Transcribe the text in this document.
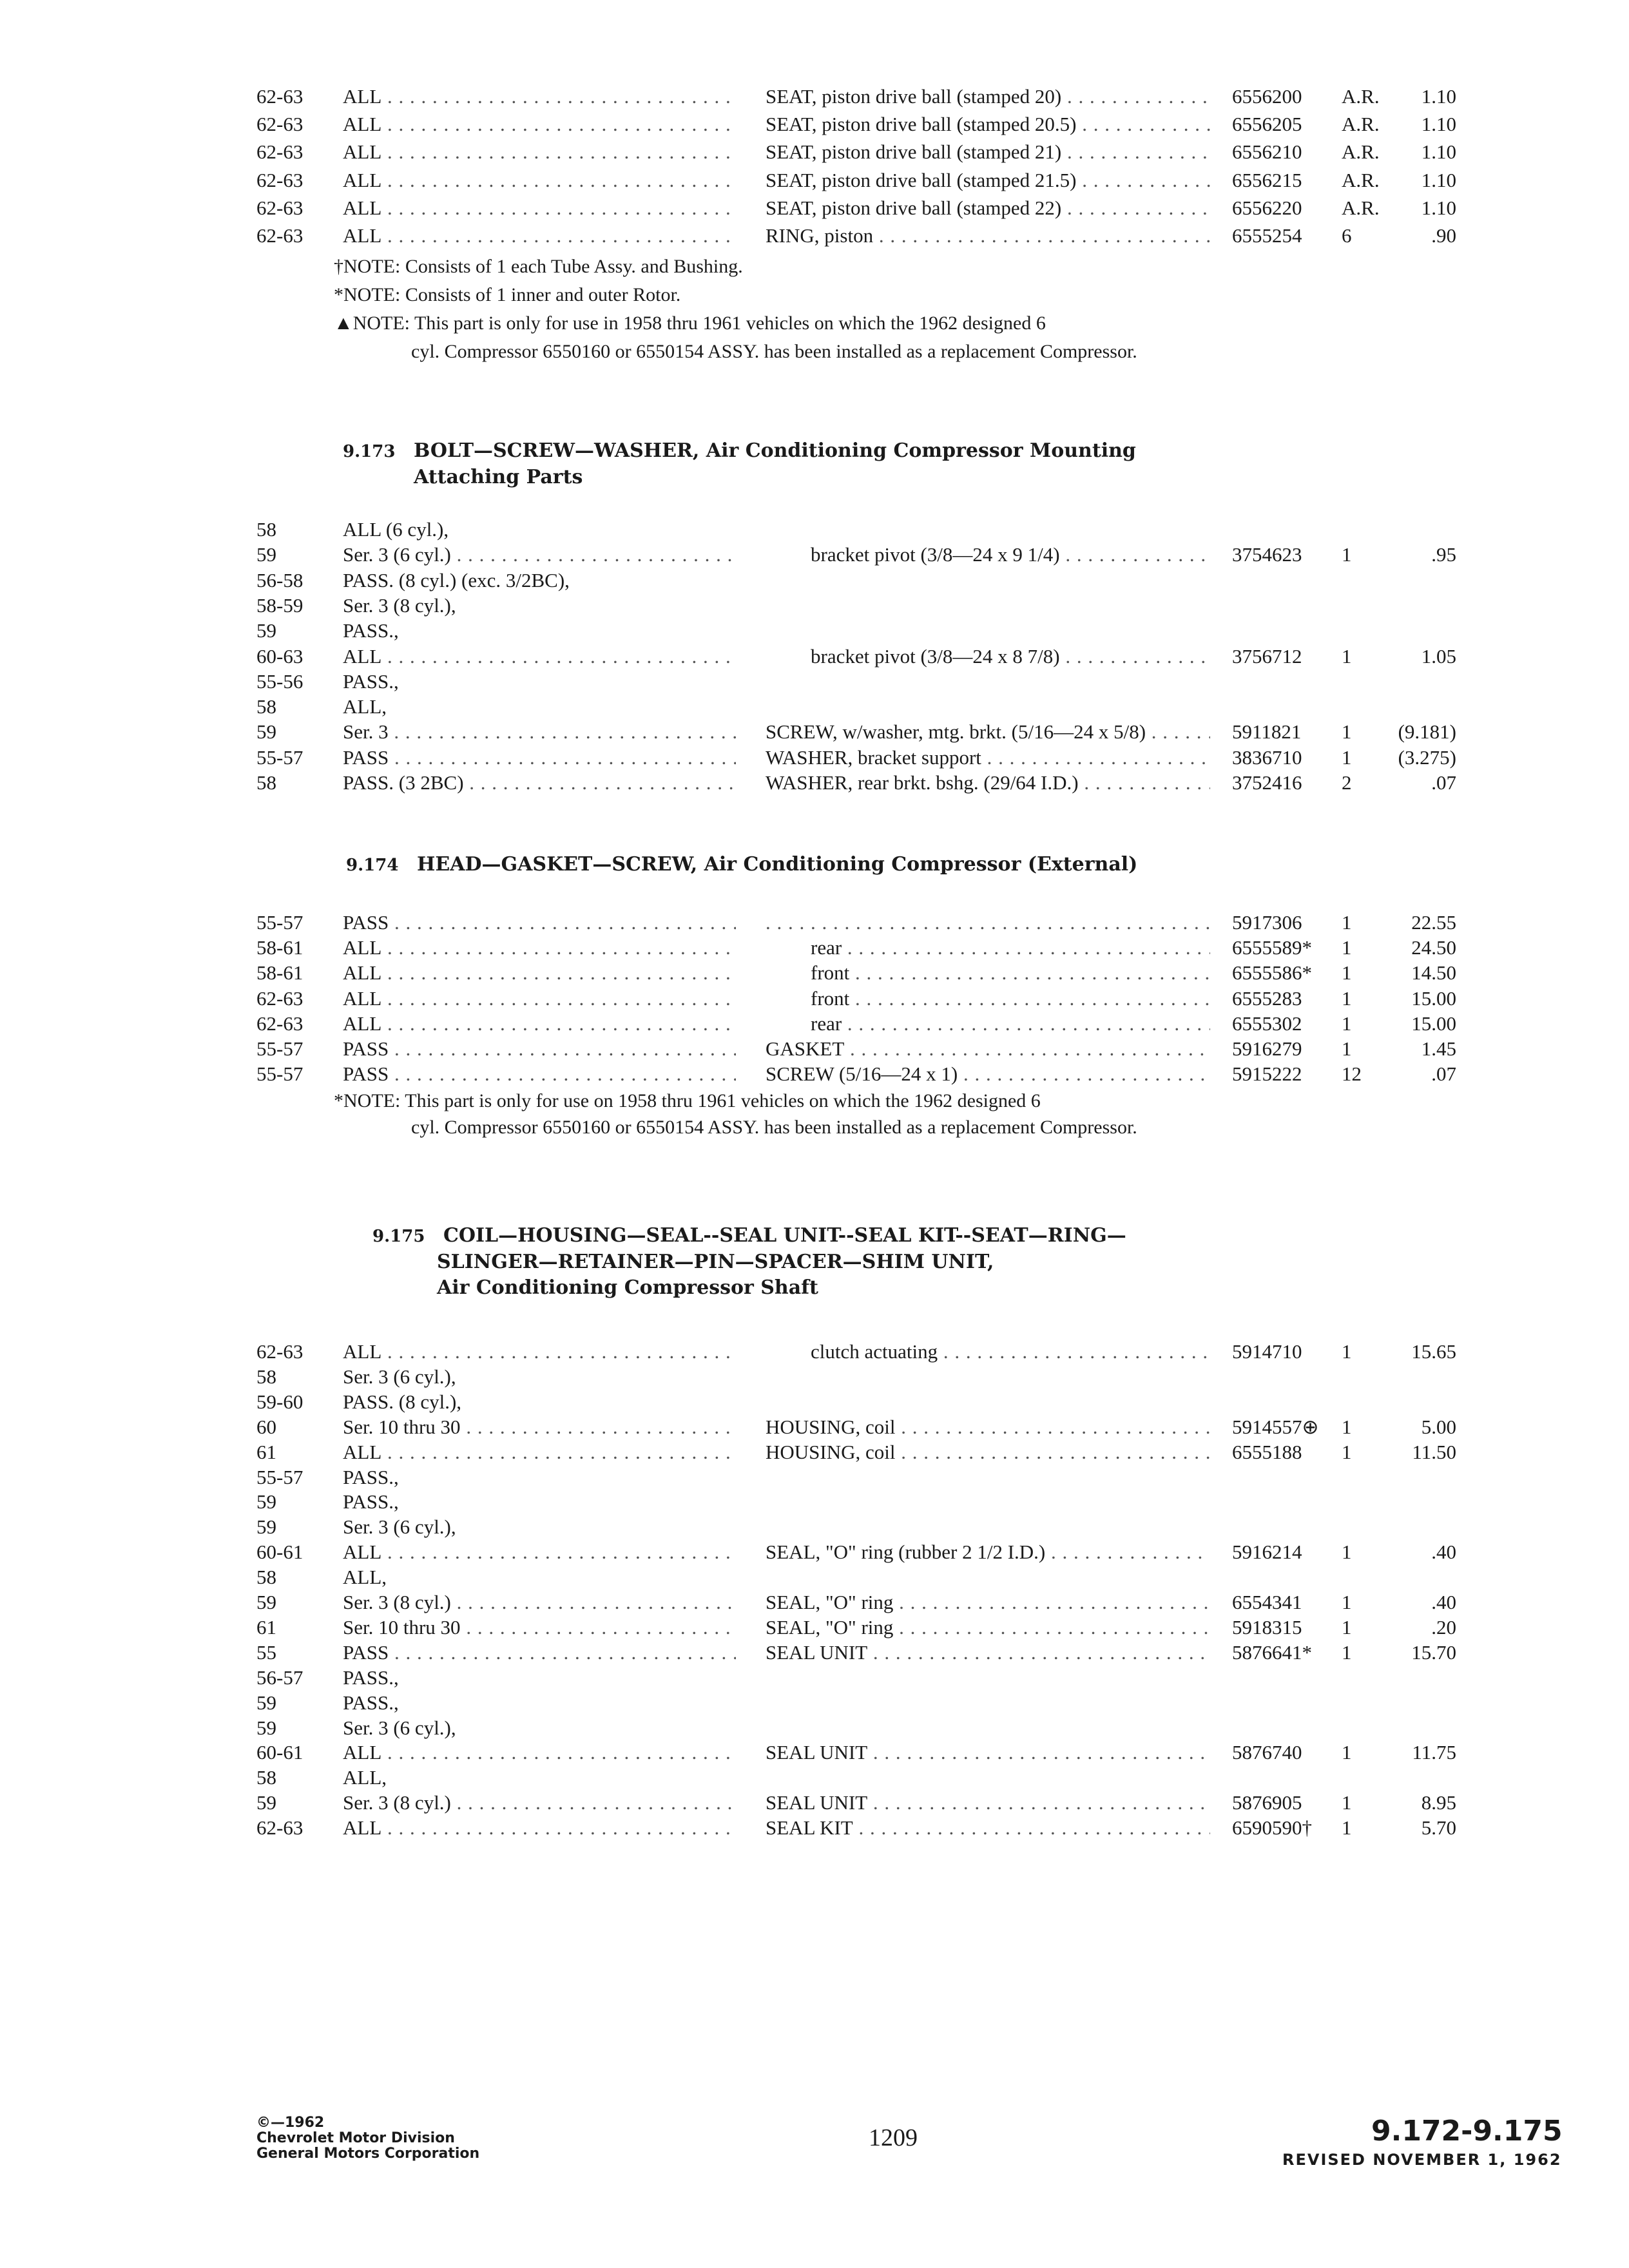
62-63	ALL . . .	SEAT, piston drive ball (stamped 20) . . .	6556200	A.R.	1.10
62-63	ALL . . .	SEAT, piston drive ball (stamped 20.5) . . .	6556205	A.R.	1.10
62-63	ALL . . .	SEAT, piston drive ball (stamped 21) . . .	6556210	A.R.	1.10
62-63	ALL . . .	SEAT, piston drive ball (stamped 21.5) . . .	6556215	A.R.	1.10
62-63	ALL . . .	SEAT, piston drive ball (stamped 22) . . .	6556220	A.R.	1.10
62-63	ALL . . .	RING, piston . . .	6555254	6	.90
†NOTE: Consists of 1 each Tube Assy. and Bushing.
*NOTE: Consists of 1 inner and outer Rotor.
▲NOTE: This part is only for use in 1958 thru 1961 vehicles on which the 1962 designed 6
cyl. Compressor 6550160 or 6550154 ASSY. has been installed as a replacement Compressor.
9.173 BOLT—SCREW—WASHER, Air Conditioning Compressor Mounting

Attaching Parts
58	ALL (6 cyl.),
59	Ser. 3 (6 cyl.) . . .	bracket pivot (3/8—24 x 9 1/4) . . .	3754623	1	.95
56-58	PASS. (8 cyl.) (exc. 3/2BC),
58-59	Ser. 3 (8 cyl.),
59	PASS.,
60-63	ALL . . .	bracket pivot (3/8—24 x 8 7/8) . . .	3756712	1	1.05
55-56	PASS.,
58	ALL,
59	Ser. 3 . . .	SCREW, w/washer, mtg. brkt. (5/16—24 x 5/8) . . .	5911821	1	(9.181)
55-57	PASS . . .	WASHER, bracket support . . .	3836710	1	(3.275)
58	PASS. (3 2BC) . . .	WASHER, rear brkt. bshg. (29/64 I.D.) . . .	3752416	2	.07
9.174 HEAD—GASKET—SCREW, Air Conditioning Compressor (External)

55-57	PASS . . .
. . .	5917306	1	22.55
58-61	ALL . . .	rear . . .	6555589*	1	24.50
58-61	ALL . . .	front . . .	6555586*	1	14.50
62-63	ALL . . .	front . . .	6555283	1	15.00
62-63	ALL . . .	rear . . .	6555302	1	15.00
55-57	PASS . . .	GASKET . . .	5916279	1	1.45
55-57	PASS . . .	SCREW (5/16—24 x 1) . . .	5915222	12	.07
*NOTE: This part is only for use on 1958 thru 1961 vehicles on which the 1962 designed 6
cyl. Compressor 6550160 or 6550154 ASSY. has been installed as a replacement Compressor.
9.175 COIL—HOUSING—SEAL--SEAL UNIT--SEAL KIT--SEAT—RING—

SLINGER—RETAINER—PIN—SPACER—SHIM UNIT,
Air Conditioning Compressor Shaft
62-63	ALL . . .	clutch actuating . . .	5914710	1	15.65
58	Ser. 3 (6 cyl.),
59-60	PASS. (8 cyl.),
60	Ser. 10 thru 30 . . .	HOUSING, coil . . .	5914557⊕	1	5.00
61	ALL . . .	HOUSING, coil . . .	6555188	1	11.50
55-57	PASS.,
59	PASS.,
59	Ser. 3 (6 cyl.),
60-61	ALL . . .	SEAL, "O" ring (rubber 2 1/2 I.D.) . . .	5916214	1	.40
58	ALL,
59	Ser. 3 (8 cyl.) . . .	SEAL, "O" ring . . .	6554341	1	.40
61	Ser. 10 thru 30 . . .	SEAL, "O" ring . . .	5918315	1	.20
55	PASS . . .	SEAL UNIT . . .	5876641*	1	15.70
56-57	PASS.,
59	PASS.,
59	Ser. 3 (6 cyl.),
60-61	ALL . . .	SEAL UNIT . . .	5876740	1	11.75
58	ALL,
59	Ser. 3 (8 cyl.) . . .	SEAL UNIT . . .	5876905	1	8.95
62-63	ALL . . .	SEAL KIT . . .	6590590†	1	5.70
©—1962
Chevrolet Motor Division
General Motors Corporation
1209	9.172-9.175
REVISED NOVEMBER 1, 1962
